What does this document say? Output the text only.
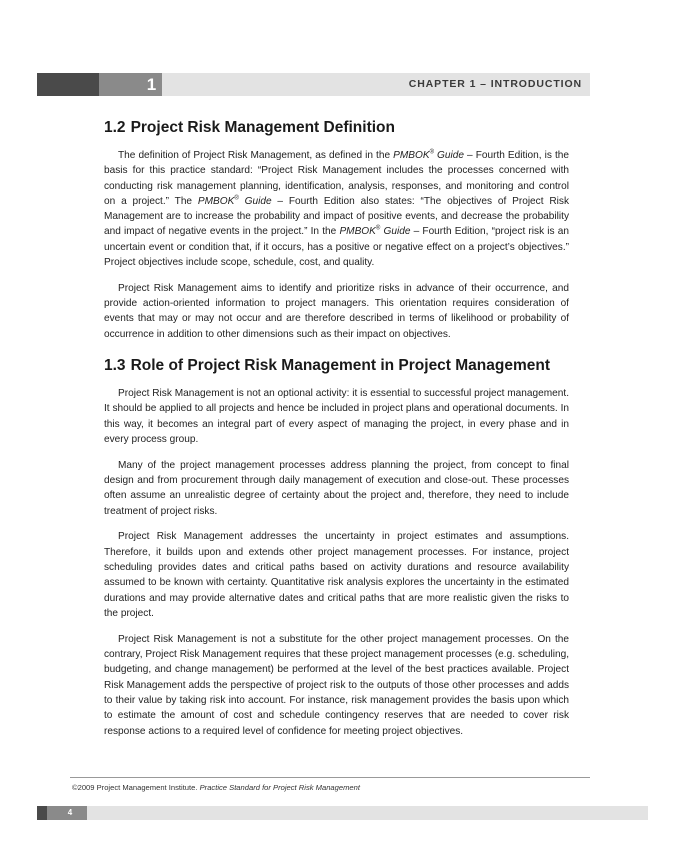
1	CHAPTER 1 – INTRODUCTION
1.2 Project Risk Management Definition

The definition of Project Risk Management, as defined in the PMBOK® Guide – Fourth Edition, is the basis for this practice standard: “Project Risk Management includes the processes concerned with conducting risk management planning, identification, analysis, responses, and monitoring and control on a project.” The PMBOK® Guide – Fourth Edition also states: “The objectives of Project Risk Management are to increase the probability and impact of positive events, and decrease the probability and impact of negative events in the project.” In the PMBOK® Guide – Fourth Edition, “project risk is an uncertain event or condition that, if it occurs, has a positive or negative effect on a project’s objectives.” Project objectives include scope, schedule, cost, and quality.

Project Risk Management aims to identify and prioritize risks in advance of their occurrence, and provide action-oriented information to project managers. This orientation requires consideration of events that may or may not occur and are therefore described in terms of likelihood or probability of occurrence in addition to other dimensions such as their impact on objectives.

1.3 Role of Project Risk Management in Project Management

Project Risk Management is not an optional activity: it is essential to successful project management. It should be applied to all projects and hence be included in project plans and operational documents. In this way, it becomes an integral part of every aspect of managing the project, in every phase and in every process group.

Many of the project management processes address planning the project, from concept to final design and from procurement through daily management of execution and close-out. These processes often assume an unrealistic degree of certainty about the project and, therefore, they need to include treatment of project risks.

Project Risk Management addresses the uncertainty in project estimates and assumptions. Therefore, it builds upon and extends other project management processes. For instance, project scheduling provides dates and critical paths based on activity durations and resource availability assumed to be known with certainty. Quantitative risk analysis explores the uncertainty in the estimated durations and may provide alternative dates and critical paths that are more realistic given the risks to the project.

Project Risk Management is not a substitute for the other project management processes. On the contrary, Project Risk Management requires that these project management processes (e.g. scheduling, budgeting, and change management) be performed at the level of the best practices available. Project Risk Management adds the perspective of project risk to the outputs of those other processes and adds to their value by taking risk into account. For instance, risk management provides the basis upon which to estimate the amount of cost and schedule contingency reserves that are needed to cover risk response actions to a required level of confidence for meeting project objectives.

©2009 Project Management Institute. Practice Standard for Project Risk Management
4
